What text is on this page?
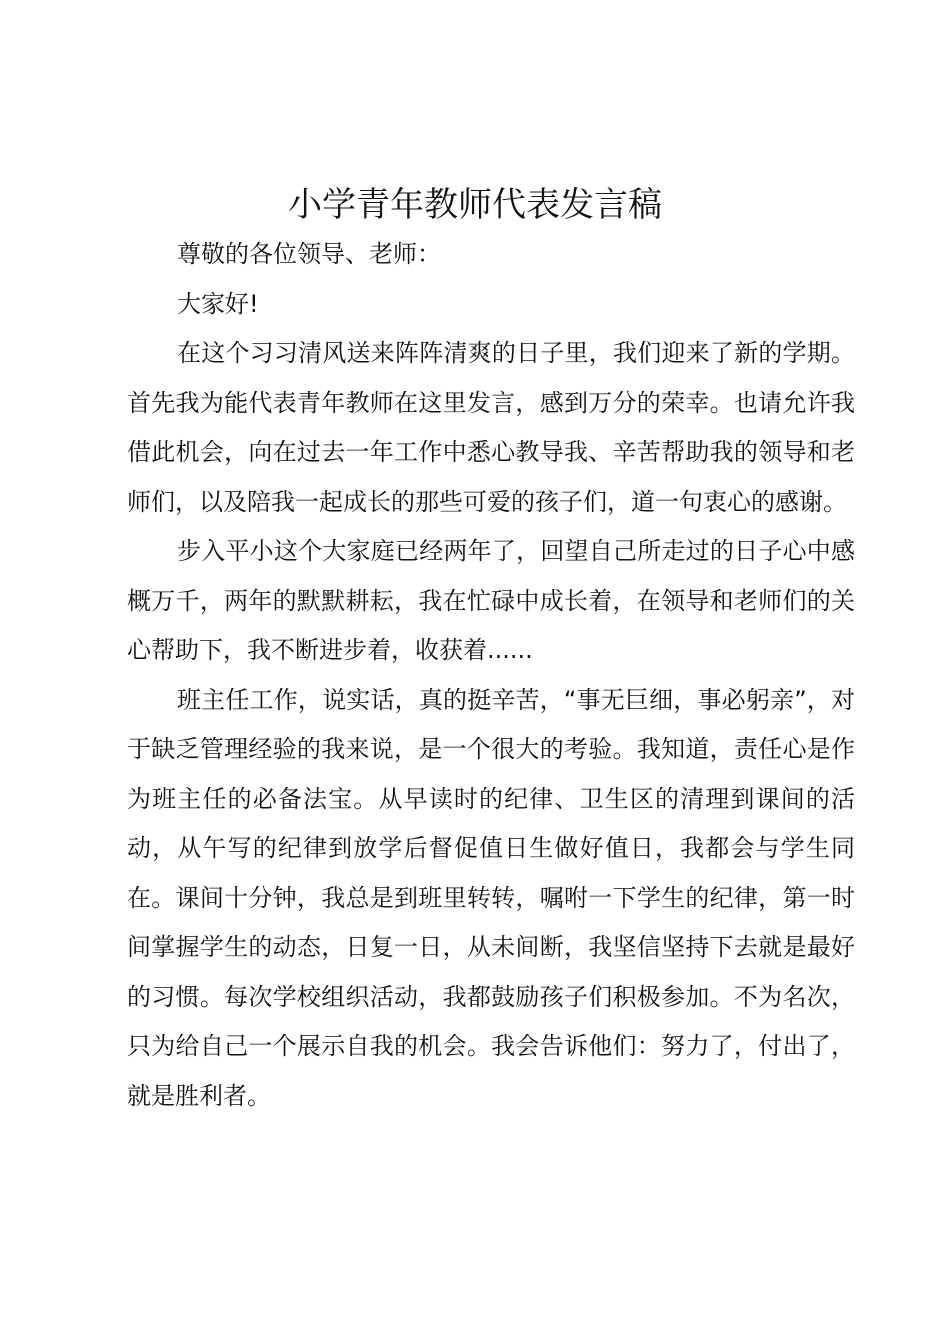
小学青年教师代表发言稿

尊敬的各位领导、老师：

大家好!

在这个习习清风送来阵阵清爽的日子里，我们迎来了新的学期。首先我为能代表青年教师在这里发言，感到万分的荣幸。也请允许我借此机会，向在过去一年工作中悉心教导我、辛苦帮助我的领导和老师们，以及陪我一起成长的那些可爱的孩子们，道一句衷心的感谢。

步入平小这个大家庭已经两年了，回望自己所走过的日子心中感概万千，两年的默默耕耘，我在忙碌中成长着，在领导和老师们的关心帮助下，我不断进步着，收获着......

班主任工作，说实话，真的挺辛苦，“事无巨细，事必躬亲”，对于缺乏管理经验的我来说，是一个很大的考验。我知道，责任心是作为班主任的必备法宝。从早读时的纪律、卫生区的清理到课间的活动，从午写的纪律到放学后督促值日生做好值日，我都会与学生同在。课间十分钟，我总是到班里转转，嘱咐一下学生的纪律，第一时间掌握学生的动态，日复一日，从未间断，我坚信坚持下去就是最好的习惯。每次学校组织活动，我都鼓励孩子们积极参加。不为名次，只为给自己一个展示自我的机会。我会告诉他们：努力了，付出了，就是胜利者。
